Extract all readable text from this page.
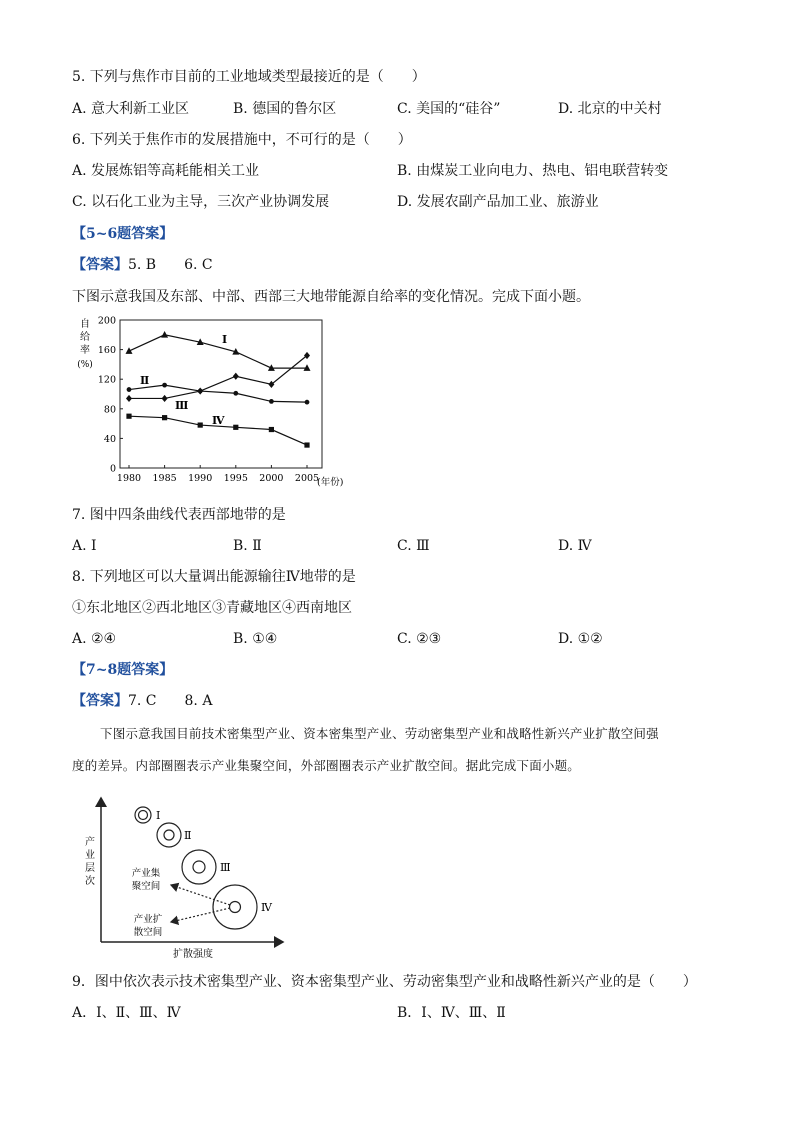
5. 下列与焦作市目前的工业地域类型最接近的是（　　）
A. 意大利新工业区	B. 德国的鲁尔区	C. 美国的“硅谷”	D. 北京的中关村
6. 下列关于焦作市的发展措施中，不可行的是（　　）
A. 发展炼铝等高耗能相关工业	B. 由煤炭工业向电力、热电、铝电联营转变
C. 以石化工业为主导，三次产业协调发展	D. 发展农副产品加工业、旅游业
【5~6题答案】
【答案】5. B　　6. C
下图示意我国及东部、中部、西部三大地带能源自给率的变化情况。完成下面小题。
自
给
率
(%)
0
40
80
120
160
200
1980 1985 1990 1995 2000 2005
(年份)
Ⅰ
Ⅱ
Ⅲ
Ⅳ
7. 图中四条曲线代表西部地带的是
A. Ⅰ	B. Ⅱ	C. Ⅲ	D. Ⅳ
8. 下列地区可以大量调出能源输往Ⅳ地带的是
①东北地区②西北地区③青藏地区④西南地区
A. ②④	B. ①④	C. ②③	D. ①②
【7~8题答案】
【答案】7. C　　8. A
下图示意我国目前技术密集型产业、资本密集型产业、劳动密集型产业和战略性新兴产业扩散空间强
度的差异。内部圈圈表示产业集聚空间，外部圈圈表示产业扩散空间。据此完成下面小题。
产
业
层
次
扩散强度
Ⅰ
Ⅱ
Ⅲ
Ⅳ
产业集
聚空间
产业扩
散空间
9．图中依次表示技术密集型产业、资本密集型产业、劳动密集型产业和战略性新兴产业的是（　　）
A．Ⅰ、Ⅱ、Ⅲ、Ⅳ	B．Ⅰ、Ⅳ、Ⅲ、Ⅱ
